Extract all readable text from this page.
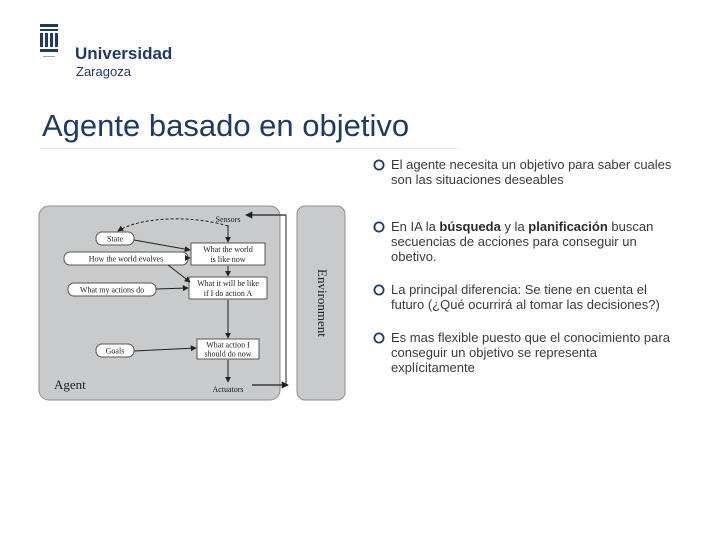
Universidad
Zaragoza
Agente basado en objetivo
Environment
Sensors
Actuators
Agent
State
How the world evolves
What my actions do
Goals
What the world
is like now
What it will be like
if I do action A
What action I
should do now
El agente necesita un objetivo para saber cuales son las situaciones deseables
En IA la búsqueda y la planificación buscan secuencias de acciones para conseguir un obetivo.
La principal diferencia: Se tiene en cuenta el futuro (¿Qué ocurrirá al tomar las decisiones?)
Es mas flexible puesto que el conocimiento para conseguir un objetivo se representa explícitamente
